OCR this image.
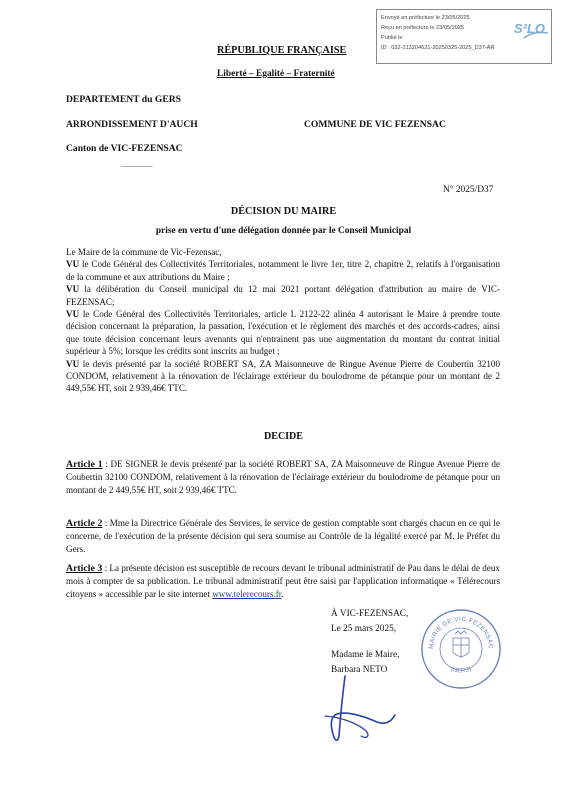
Envoyé en préfecture le 23/05/2025
Reçu en préfecture le 23/05/2025
Publié le
ID : 032-213204621-20250325-2025_D37-AR
S²LO
RÉPUBLIQUE FRANÇAISE
Liberté – Egalité – Fraternité
DEPARTEMENT du GERS
ARRONDISSEMENT D'AUCH	COMMUNE DE VIC FEZENSAC
Canton de VIC-FEZENSAC
_______
N° 2025/D37
DÉCISION DU MAIRE
prise en vertu d'une délégation donnée par le Conseil Municipal
Le Maire de la commune de Vic-Fezensac,
VU le Code Général des Collectivités Territoriales, notamment le livre 1er, titre 2, chapitre 2, relatifs à l'organisation de la commune et aux attributions du Maire ;
VU la délibération du Conseil municipal du 12 mai 2021 portant délégation d'attribution au maire de VIC-FEZENSAC;
VU le Code Général des Collectivités Territoriales, article L 2122-22 alinéa 4 autorisant le Maire à prendre toute décision concernant la préparation, la passation, l'exécution et le règlement des marchés et des accords-cadres, ainsi que toute décision concernant leurs avenants qui n'entrainent pas une augmentation du montant du contrat initial supérieur à 5%; lorsque les crédits sont inscrits au budget ;
VU le devis présenté par la société ROBERT SA, ZA Maisonneuve de Ringue Avenue Pierre de Coubertin 32100 CONDOM, relativement à la rénovation de l'éclairage extérieur du boulodrome de pétanque pour un montant de 2 449,55€ HT, soit 2 939,46€ TTC.
DECIDE
Article 1 : DE SIGNER le devis présenté par la société ROBERT SA, ZA Maisonneuve de Ringue Avenue Pierre de Coubertin 32100 CONDOM, relativement à la rénovation de l'éclairage extérieur du boulodrome de pétanque pour un montant de 2 449,55€ HT, soit 2 939,46€ TTC.
Article 2 : Mme la Directrice Générale des Services, le service de gestion comptable sont chargés chacun en ce qui le concerne, de l'exécution de la présente décision qui sera soumise au Contrôle de la légalité exercé par M. le Préfet du Gers.
Article 3 : La présente décision est susceptible de recours devant le tribunal administratif de Pau dans le délai de deux mois à compter de sa publication. Le tribunal administratif peut être saisi par l'application informatique « Télérecours citoyens » accessible par le site internet www.telerecours.fr.
À VIC-FEZENSAC,
Le 25 mars 2025,
Madame le Maire,
Barbara NETO
MAIRIE DE VIC-FEZENSAC
(GERS)
